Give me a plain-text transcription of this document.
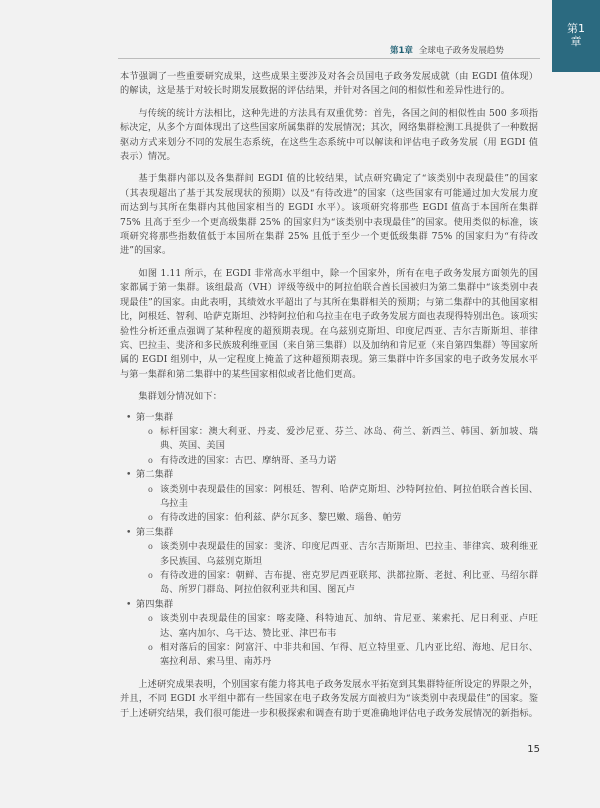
第1章 全球电子政务发展趋势
第1
章

本节强调了一些重要研究成果，这些成果主要涉及对各会员国电子政务发展成就（由 EGDI 值体现）的解读，这是基于对较长时期发展数据的评估结果，并针对各国之间的相似性和差异性进行的。

与传统的统计方法相比，这种先进的方法具有双重优势：首先，各国之间的相似性由 500 多项指标决定，从多个方面体现出了这些国家所属集群的发展情况；其次，网络集群检测工具提供了一种数据驱动方式来划分不同的发展生态系统，在这些生态系统中可以解读和评估电子政务发展（用 EGDI 值表示）情况。

基于集群内部以及各集群间 EGDI 值的比较结果，试点研究确定了“该类别中表现最佳”的国家（其表现超出了基于其发展现状的预期）以及“有待改进”的国家（这些国家有可能通过加大发展力度而达到与其所在集群内其他国家相当的 EGDI 水平）。该项研究将那些 EGDI 值高于本国所在集群 75% 且高于至少一个更高级集群 25% 的国家归为“该类别中表现最佳”的国家。使用类似的标准，该项研究将那些指数值低于本国所在集群 25% 且低于至少一个更低级集群 75% 的国家归为“有待改进”的国家。

如图 1.11 所示，在 EGDI 非常高水平组中，除一个国家外，所有在电子政务发展方面领先的国家都属于第一集群。该组最高（VH）评级等级中的阿拉伯联合酋长国被归为第二集群中“该类别中表现最佳”的国家。由此表明，其绩效水平超出了与其所在集群相关的预期；与第二集群中的其他国家相比，阿根廷、智利、哈萨克斯坦、沙特阿拉伯和乌拉圭在电子政务发展方面也表现得特别出色。该项实验性分析还重点强调了某种程度的超预期表现。在乌兹别克斯坦、印度尼西亚、吉尔吉斯斯坦、菲律宾、巴拉圭、斐济和多民族玻利维亚国（来自第三集群）以及加纳和肯尼亚（来自第四集群）等国家所属的 EGDI 组别中，从一定程度上掩盖了这种超预期表现。第三集群中许多国家的电子政务发展水平与第一集群和第二集群中的某些国家相似或者比他们更高。

集群划分情况如下：

• 第一集群
o 标杆国家：澳大利亚、丹麦、爱沙尼亚、芬兰、冰岛、荷兰、新西兰、韩国、新加坡、瑞典、英国、美国
o 有待改进的国家：古巴、摩纳哥、圣马力诺
• 第二集群
o 该类别中表现最佳的国家：阿根廷、智利、哈萨克斯坦、沙特阿拉伯、阿拉伯联合酋长国、乌拉圭
o 有待改进的国家：伯利兹、萨尔瓦多、黎巴嫩、瑙鲁、帕劳
• 第三集群
o 该类别中表现最佳的国家：斐济、印度尼西亚、吉尔吉斯斯坦、巴拉圭、菲律宾、玻利维亚多民族国、乌兹别克斯坦
o 有待改进的国家：朝鲜、吉布提、密克罗尼西亚联邦、洪都拉斯、老挝、利比亚、马绍尔群岛、所罗门群岛、阿拉伯叙利亚共和国、图瓦卢
• 第四集群
o 该类别中表现最佳的国家：喀麦隆、科特迪瓦、加纳、肯尼亚、莱索托、尼日利亚、卢旺达、塞内加尔、乌干达、赞比亚、津巴布韦
o 相对落后的国家：阿富汗、中非共和国、乍得、厄立特里亚、几内亚比绍、海地、尼日尔、塞拉利昂、索马里、南苏丹

上述研究成果表明，个别国家有能力将其电子政务发展水平拓宽到其集群特征所设定的界限之外，并且，不同 EGDI 水平组中都有一些国家在电子政务发展方面被归为“该类别中表现最佳”的国家。鉴于上述研究结果，我们很可能进一步积极探索和调查有助于更准确地评估电子政务发展情况的新指标。

15
